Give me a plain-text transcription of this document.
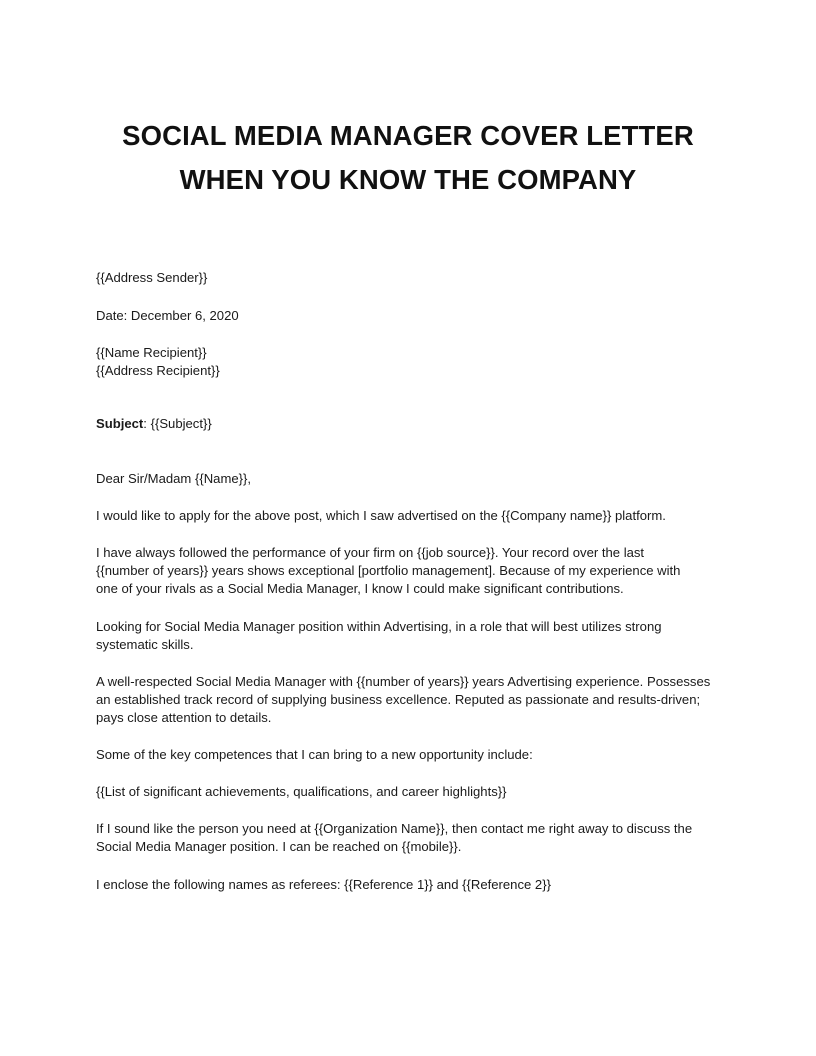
SOCIAL MEDIA MANAGER COVER LETTER
WHEN YOU KNOW THE COMPANY

{{Address Sender}}

Date: December 6, 2020

{{Name Recipient}}

{{Address Recipient}}

Subject: {{Subject}}

Dear Sir/Madam {{Name}},

I would like to apply for the above post, which I saw advertised on the {{Company name}} platform.

I have always followed the performance of your firm on {{job source}}. Your record over the last

{{number of years}} years shows exceptional [portfolio management]. Because of my experience with

one of your rivals as a Social Media Manager, I know I could make significant contributions.

Looking for Social Media Manager position within Advertising, in a role that will best utilizes strong

systematic skills.

A well-respected Social Media Manager with {{number of years}} years Advertising experience. Possesses

an established track record of supplying business excellence. Reputed as passionate and results-driven;

pays close attention to details.

Some of the key competences that I can bring to a new opportunity include:

{{List of significant achievements, qualifications, and career highlights}}

If I sound like the person you need at {{Organization Name}}, then contact me right away to discuss the

Social Media Manager position. I can be reached on {{mobile}}.

I enclose the following names as referees: {{Reference 1}} and {{Reference 2}}
